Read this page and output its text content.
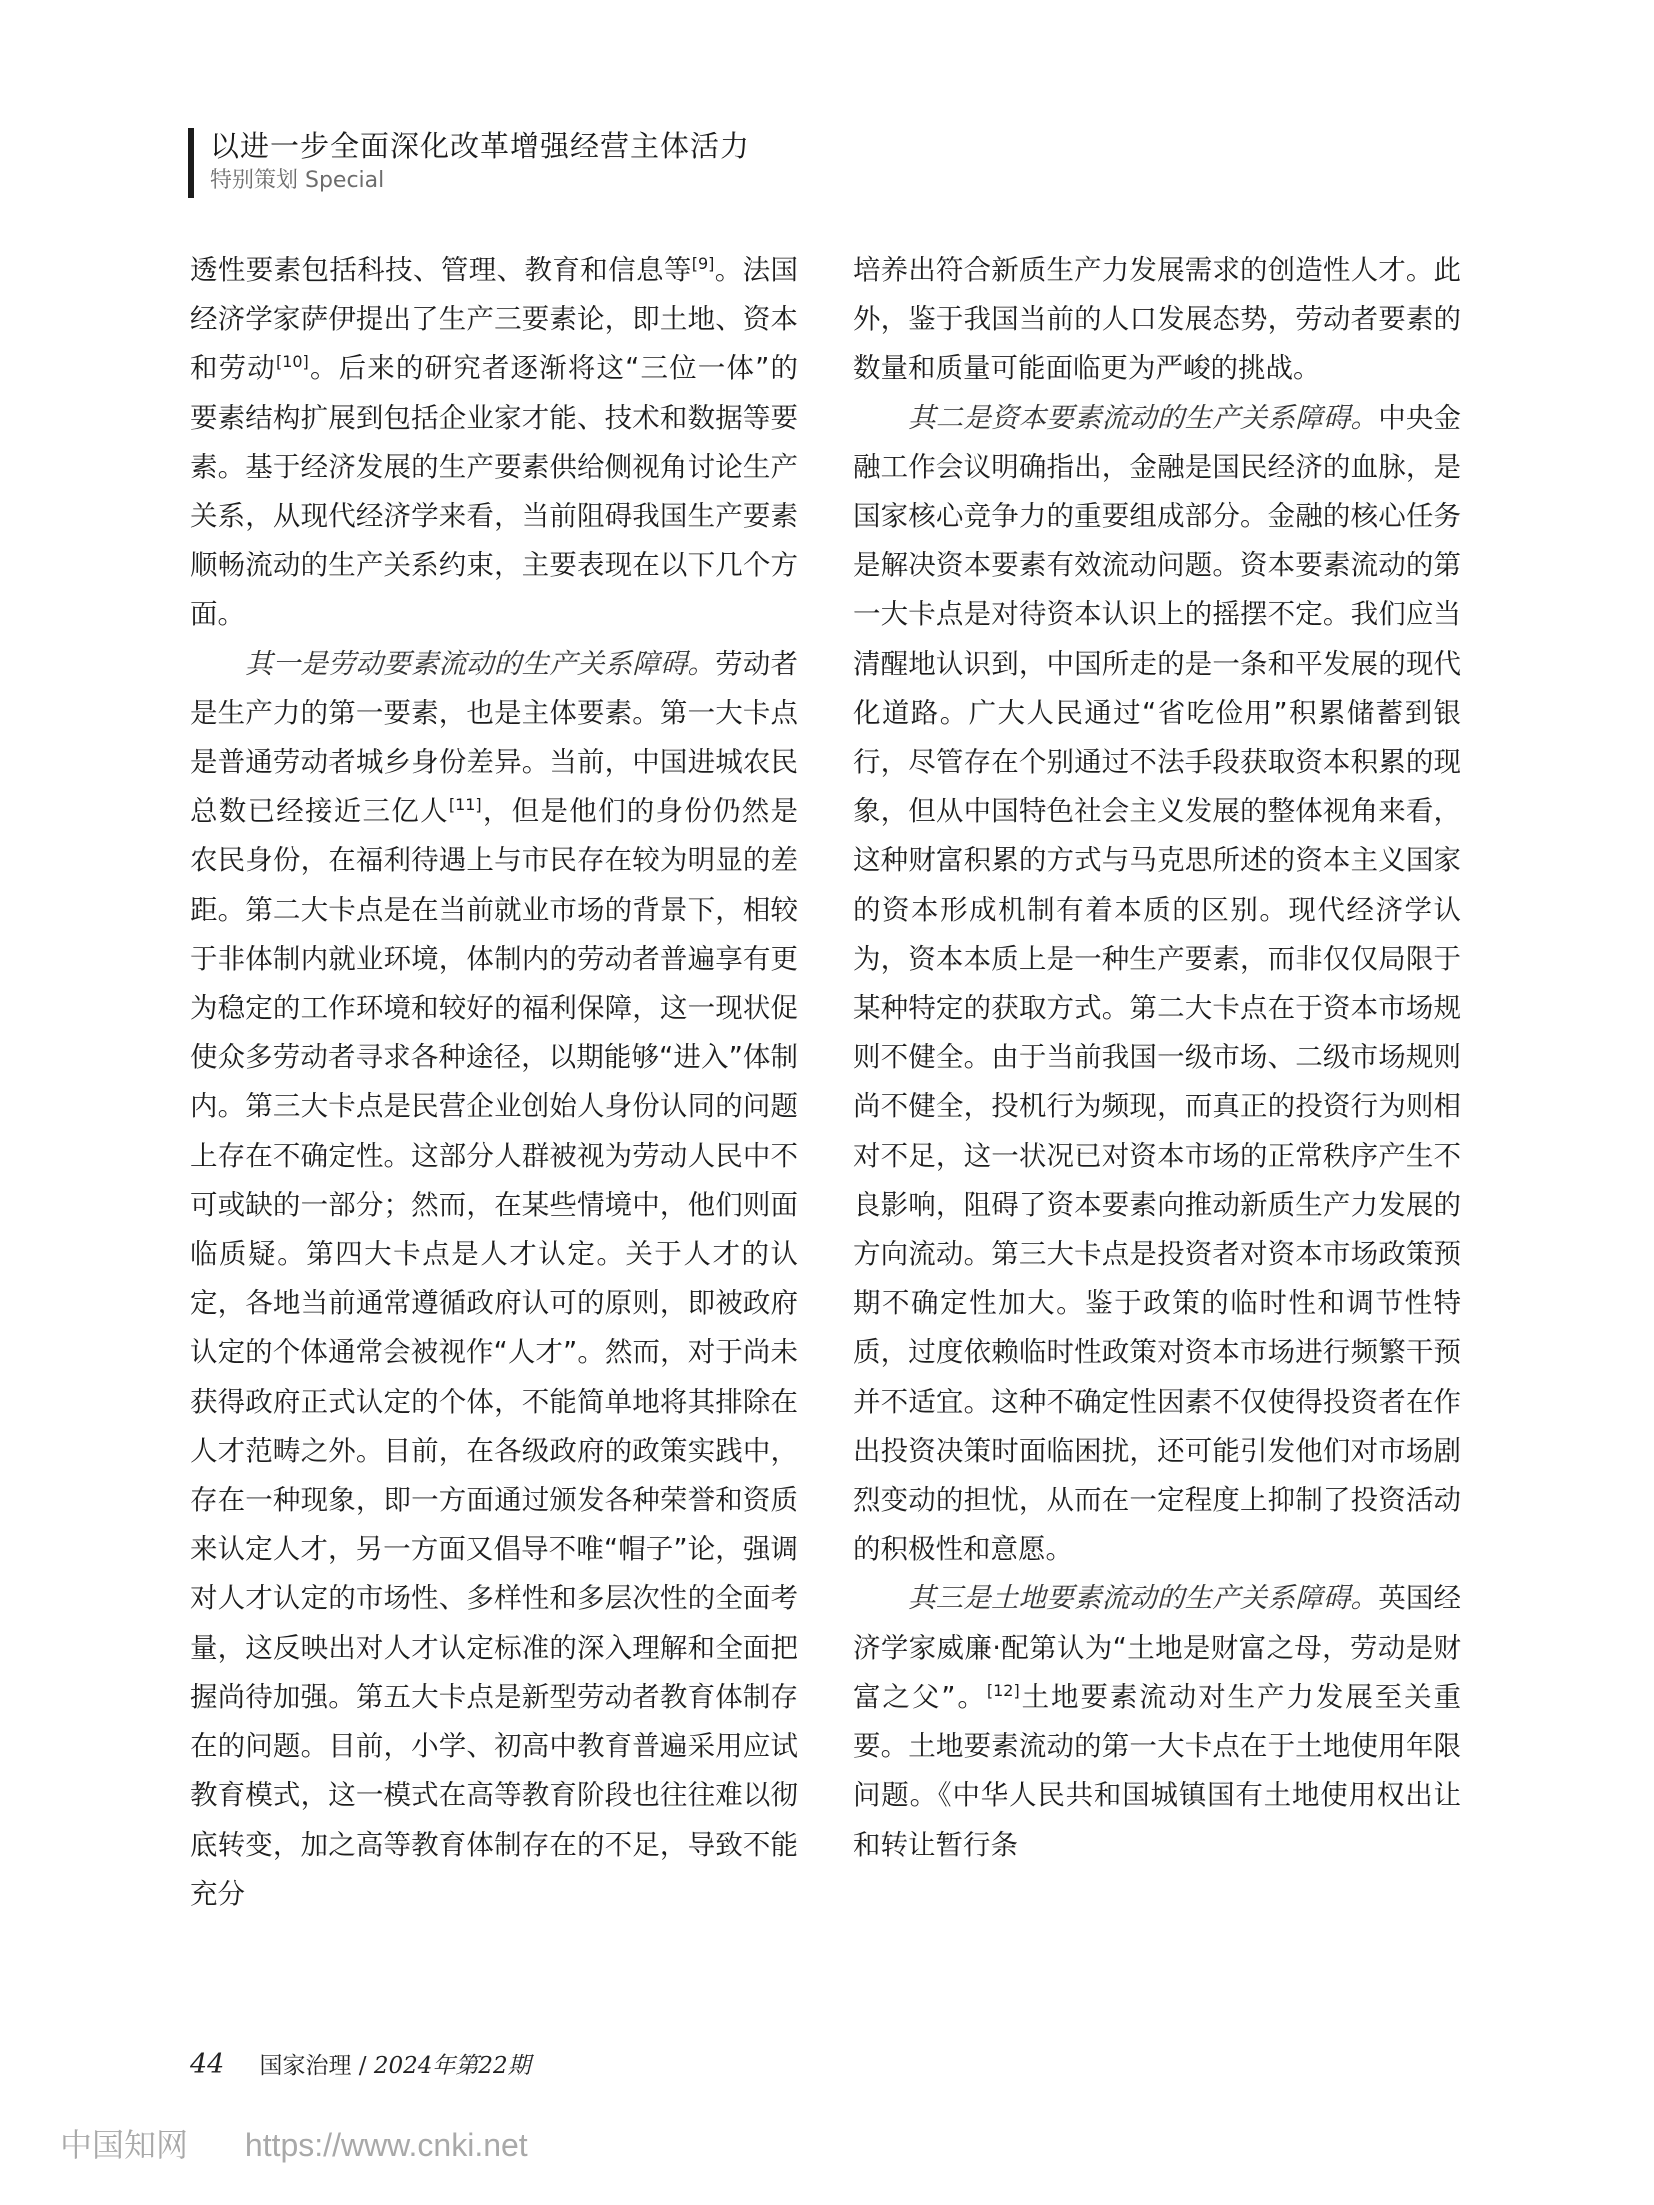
以进一步全面深化改革增强经营主体活力
特别策划 Special

透性要素包括科技、管理、教育和信息等[9]。法国经济学家萨伊提出了生产三要素论，即土地、资本和劳动[10]。后来的研究者逐渐将这“三位一体”的要素结构扩展到包括企业家才能、技术和数据等要素。基于经济发展的生产要素供给侧视角讨论生产关系，从现代经济学来看，当前阻碍我国生产要素顺畅流动的生产关系约束，主要表现在以下几个方面。

其一是劳动要素流动的生产关系障碍。劳动者是生产力的第一要素，也是主体要素。第一大卡点是普通劳动者城乡身份差异。当前，中国进城农民总数已经接近三亿人[11]，但是他们的身份仍然是农民身份，在福利待遇上与市民存在较为明显的差距。第二大卡点是在当前就业市场的背景下，相较于非体制内就业环境，体制内的劳动者普遍享有更为稳定的工作环境和较好的福利保障，这一现状促使众多劳动者寻求各种途径，以期能够“进入”体制内。第三大卡点是民营企业创始人身份认同的问题上存在不确定性。这部分人群被视为劳动人民中不可或缺的一部分；然而，在某些情境中，他们则面临质疑。第四大卡点是人才认定。关于人才的认定，各地当前通常遵循政府认可的原则，即被政府认定的个体通常会被视作“人才”。然而，对于尚未获得政府正式认定的个体，不能简单地将其排除在人才范畴之外。目前，在各级政府的政策实践中，存在一种现象，即一方面通过颁发各种荣誉和资质来认定人才，另一方面又倡导不唯“帽子”论，强调对人才认定的市场性、多样性和多层次性的全面考量，这反映出对人才认定标准的深入理解和全面把握尚待加强。第五大卡点是新型劳动者教育体制存在的问题。目前，小学、初高中教育普遍采用应试教育模式，这一模式在高等教育阶段也往往难以彻底转变，加之高等教育体制存在的不足，导致不能充分

培养出符合新质生产力发展需求的创造性人才。此外，鉴于我国当前的人口发展态势，劳动者要素的数量和质量可能面临更为严峻的挑战。

其二是资本要素流动的生产关系障碍。中央金融工作会议明确指出，金融是国民经济的血脉，是国家核心竞争力的重要组成部分。金融的核心任务是解决资本要素有效流动问题。资本要素流动的第一大卡点是对待资本认识上的摇摆不定。我们应当清醒地认识到，中国所走的是一条和平发展的现代化道路。广大人民通过“省吃俭用”积累储蓄到银行，尽管存在个别通过不法手段获取资本积累的现象，但从中国特色社会主义发展的整体视角来看，这种财富积累的方式与马克思所述的资本主义国家的资本形成机制有着本质的区别。现代经济学认为，资本本质上是一种生产要素，而非仅仅局限于某种特定的获取方式。第二大卡点在于资本市场规则不健全。由于当前我国一级市场、二级市场规则尚不健全，投机行为频现，而真正的投资行为则相对不足，这一状况已对资本市场的正常秩序产生不良影响，阻碍了资本要素向推动新质生产力发展的方向流动。第三大卡点是投资者对资本市场政策预期不确定性加大。鉴于政策的临时性和调节性特质，过度依赖临时性政策对资本市场进行频繁干预并不适宜。这种不确定性因素不仅使得投资者在作出投资决策时面临困扰，还可能引发他们对市场剧烈变动的担忧，从而在一定程度上抑制了投资活动的积极性和意愿。

其三是土地要素流动的生产关系障碍。英国经济学家威廉·配第认为“土地是财富之母，劳动是财富之父”。[12]土地要素流动对生产力发展至关重要。土地要素流动的第一大卡点在于土地使用年限问题。《中华人民共和国城镇国有土地使用权出让和转让暂行条

44 国家治理 / 2024年第22期
中国知网 https://www.cnki.net
